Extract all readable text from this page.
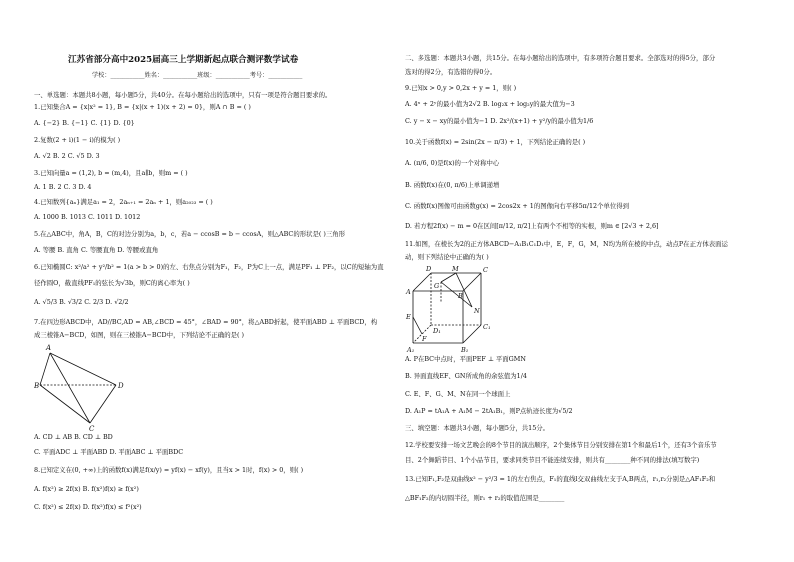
江苏省部分高中2025届高三上学期新起点联合测评数学试卷
学校：___________姓名：___________班级：___________考号：___________
一、单选题：本题共8小题，每小题5分，共40分。在每小题给出的选项中，只有一项是符合题目要求的。
1.已知集合A = {x|x² = 1}, B = {x|(x + 1)(x + 2) = 0}，则A ∩ B = ( )
A. {−2} B. {−1} C. {1} D. {0}
2.复数(2 + i)(1 − i)的模为( )
A. √2 B. 2 C. √5 D. 3
3.已知向量a = (1,2), b = (m,4)，且a∥b，则m = ( )
A. 1 B. 2 C. 3 D. 4
4.已知数列{aₙ}满足a₁ = 2，2aₙ₊₁ = 2aₙ + 1，则a₂₀₂₃ = ( )
A. 1000 B. 1013 C. 1011 D. 1012
5.在△ABC中，角A，B，C的对边分别为a，b，c，若a − ccosB = b − ccosA，则△ABC的形状是( )三角形
A. 等腰 B. 直角 C. 等腰直角 D. 等腰或直角
6.已知椭圆C: x²/a² + y²/b² = 1(a > b > 0)的左、右焦点分别为F₁，F₂，P为C上一点，满足PF₁ ⊥ PF₂，以C的短轴为直
径作圆O，截直线PF₁的弦长为√3b，则C的离心率为( )
A. √5/3 B. √3/2 C. 2/3 D. √2/2
7.在四边形ABCD中，AD//BC,AD = AB,∠BCD = 45°，∠BAD = 90°，将△ABD折起，使平面ABD ⊥ 平面BCD，构
成三棱锥A−BCD，如图，则在三棱锥A−BCD中，下列结论不正确的是( )
A. CD ⊥ AB B. CD ⊥ BD
C. 平面ADC ⊥ 平面ABD D. 平面ABC ⊥ 平面BDC
8.已知定义在(0, +∞)上的函数f(x)满足f(x/y) = yf(x) − xf(y)，且当x > 1时，f(x) > 0，则( )
A. f(x²) ≥ 2f(x) B. f(x²)f(x) ≥ f(x²)
C. f(x²) ≤ 2f(x) D. f(x²)f(x) ≤ f²(x²)
A
B
C
D
二、多选题：本题共3小题，共15分。在每小题给出的选项中，有多项符合题目要求。全部选对的得5分，部分
选对的得2分，有选错的得0分。
9.已知x > 0,y > 0,2x + y = 1，则( )
A. 4ˣ + 2ʸ的最小值为2√2 B. log₂x + log₂y的最大值为−3
C. y − x − xy的最小值为−1 D. 2x²/(x+1) + y²/y的最小值为1/6
10.关于函数f(x) = 2sin(2x − π/3) + 1，下列结论正确的是( )
A. (π/6, 0)是f(x)的一个对称中心
B. 函数f(x)在(0, π/6)上单调递增
C. 函数f(x)图像可由函数g(x) = 2cos2x + 1的图像向右平移5π/12个单位得到
D. 若方程2f(x) − m = 0在区间[π/12, π/2]上有两个不相等的实根，则m ∈ [2√3 + 2,6]
11.如图，在棱长为2的正方体ABCD−A₁B₁C₁D₁中，E，F，G，M，N均为所在棱的中点，动点P在正方体表面运
动，则下列结论中正确的为( )
A. P在BC中点时，平面PEF ⊥ 平面GMN
B. 异面直线EF、GN所成角的余弦值为1/4
C. E、F、G、M、N在同一个球面上
D. A₁P = tA₁A + A₁M − 2tA₁B₁，则P点轨迹长度为√5/2
三、填空题：本题共3小题，每小题5分，共15分。
12.学校要安排一场文艺晚会的8个节目的演出顺序，2个集体节目分别安排在第1个和最后1个，还有3个音乐节
目、2个舞蹈节目、1个小品节目，要求同类节目不能连续安排，则共有________种不同的排法(填写数字)
13.已知F₁,F₂是双曲线x² − y²/3 = 1的左右焦点，F₁的直线l交双曲线左支于A,B两点，r₁,r₂分别是△AF₁F₂和
△BF₁F₂的内切圆半径，则r₁ + r₂的取值范围是________
D	M	C
A	B
G
E
N
D₁	C₁
F
A₁	B₁
